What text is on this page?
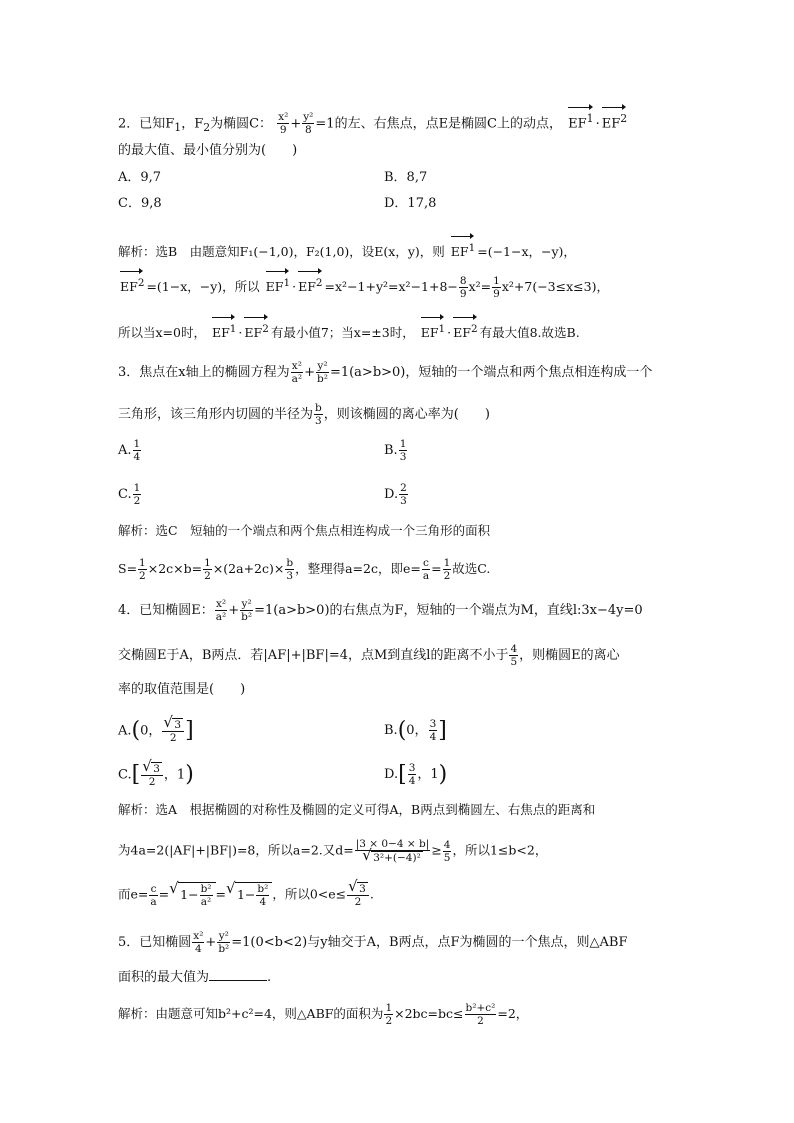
2．已知$F_1$，$F_2$为椭圆C： $\frac{\text{x²}}{9} + \frac{\text{y²}}{8} =1$的左、右焦点，点E是椭圆C上的动点， $EF^1 \cdot EF^2$
的最大值、最小值分别为(　　)
A．9,7	B．8,7
C．9,8	D．17,8
解析：选B　由题意知F₁(−1,0)，F₂(1,0)，设E(x，y)，则 $EF^1 =(-1-x$，−y)，
$EF^2 =(1-x$，−y)，所以 $EF^1 \cdot EF^2 =x^2-1+y^2=x^2-1+8- \frac{8}{9} x^2= \frac{1}{9} x^2+7(-3\le x\le 3)$，
所以当x=0时， $EF^1 \cdot EF^2$ 有最小值7；当x=±3时， $EF^1 \cdot EF^2$ 有最大值8.故选B.
3．焦点在x轴上的椭圆方程为 $\frac{\text{x²}}{\text{a²}} + \frac{\text{y²}}{\text{b²}} =1(a>b>0)$，短轴的一个端点和两个焦点相连构成一个
三角形，该三角形内切圆的半径为 $\frac{b}{3}$ ，则该椭圆的离心率为(　　)
A. $\frac{1}{4}$	B. $\frac{1}{3}$
C. $\frac{1}{2}$	D. $\frac{2}{3}$
解析：选C　短轴的一个端点和两个焦点相连构成一个三角形的面积
$S= \frac{1}{2} \times 2c\times b= \frac{1}{2} \times(2a+2c)\times \frac{b}{3}$ ，整理得a=2c，即$e= \frac{c}{a} = \frac{1}{2}$ 故选C.
4．已知椭圆E： $\frac{\text{x²}}{\text{a²}} + \frac{\text{y²}}{\text{b²}} =1(a>b>0)$的右焦点为F，短轴的一个端点为M，直线l:3x−4y=0
交椭圆E于A，B两点．若|AF|+|BF|=4，点M到直线l的距离不小于 $\frac{4}{5}$ ，则椭圆E的离心
率的取值范围是(　　)
A.(0， √ $\frac{3}{2}$ ]	B.(0， $\frac{3}{4}$ ]
C.[ √ $\frac{3}{2}$ ，1)	$D.[ \frac{3}{4}$ ，1)
解析：选A　根据椭圆的对称性及椭圆的定义可得A，B两点到椭圆左、右焦点的距离和
为4a=2(|AF|+|BF|)=8，所以a=2.又d= |3 × 0−4 × b|
√ $3^2+(-4)^2 \ge \frac{4}{5}$ ，所以1≤b<2，
而$e= \frac{c}{a}$ = √ $1- \frac{\text{b²}}{\text{a²}}$ = √ $1- \frac{\text{b²}}{4}$ ，所以0<e≤ √ $\frac{3}{2}$ .
5．已知椭圆 $\frac{\text{x²}}{4} + \frac{\text{y²}}{\text{b²}} =1(0<b<2)$与y轴交于A，B两点，点F为椭圆的一个焦点，则△ABF
面积的最大值为	.
解析：由题意可知b²+c²=4，则△ABF的面积为 $\frac{1}{2} \times 2bc=bc\le \frac{\text{b²+c²}}{2} =2$，
